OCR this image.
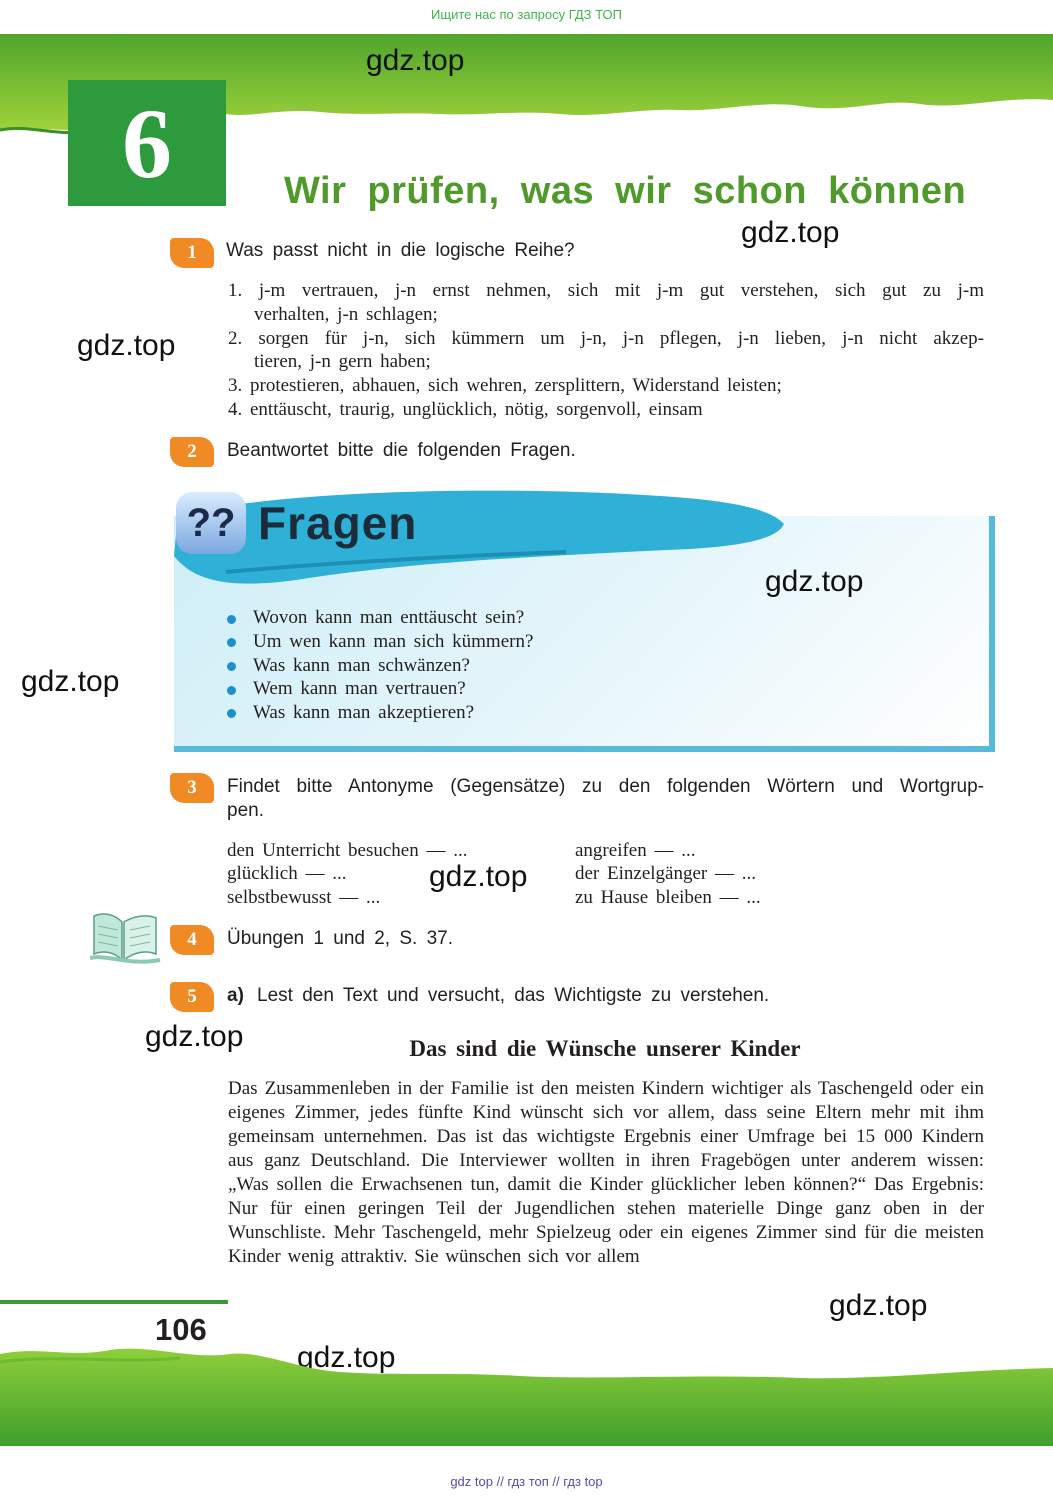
Ищите нас по запросу ГДЗ ТОП
6
gdz.top
Wir prüfen, was wir schon können
1	Was passt nicht in die logische Reihe?
gdz.top
gdz.top
1. j-m vertrauen, j-n ernst nehmen, sich mit j-m gut verstehen, sich gut zu j-m
verhalten, j-n schlagen;
2. sorgen für j-n, sich kümmern um j-n, j-n pflegen, j-n lieben, j-n nicht akzep-
tieren, j-n gern haben;
3. protestieren, abhauen, sich wehren, zersplittern, Widerstand leisten;
4. enttäuscht, traurig, unglücklich, nötig, sorgenvoll, einsam
2	Beantwortet bitte die folgenden Fragen.
?? Fragen
gdz.top
gdz.top
Wovon kann man enttäuscht sein?
Um wen kann man sich kümmern?
Was kann man schwänzen?
Wem kann man vertrauen?
Was kann man akzeptieren?
3	Findet bitte Antonyme (Gegensätze) zu den folgenden Wörtern und Wortgrup-
pen.
den Unterricht besuchen — ...
glücklich — ...
selbstbewusst — ...
angreifen — ...
der Einzelgänger — ...
zu Hause bleiben — ...
gdz.top
4	Übungen 1 und 2, S. 37.
5	a) Lest den Text und versucht, das Wichtigste zu verstehen.
gdz.top	Das sind die Wünsche unserer Kinder
Das Zusammenleben in der Familie ist den meisten Kindern wichtiger als Taschengeld oder ein eigenes Zimmer, jedes fünfte Kind wünscht sich vor allem, dass seine Eltern mehr mit ihm gemeinsam unternehmen. Das ist das wichtigste Ergebnis einer Umfrage bei 15 000 Kindern aus ganz Deutschland. Die Interviewer wollten in ihren Fragebögen unter anderem wissen: „Was sollen die Erwachsenen tun, damit die Kinder glücklicher leben können?“ Das Ergebnis: Nur für einen geringen Teil der Jugendlichen stehen materielle Dinge ganz oben in der Wunschliste. Mehr Taschengeld, mehr Spielzeug oder ein eigenes Zimmer sind für die meisten Kinder wenig attraktiv. Sie wünschen sich vor allem
gdz.top
106
gdz.top
gdz top // гдз топ // гдз top
